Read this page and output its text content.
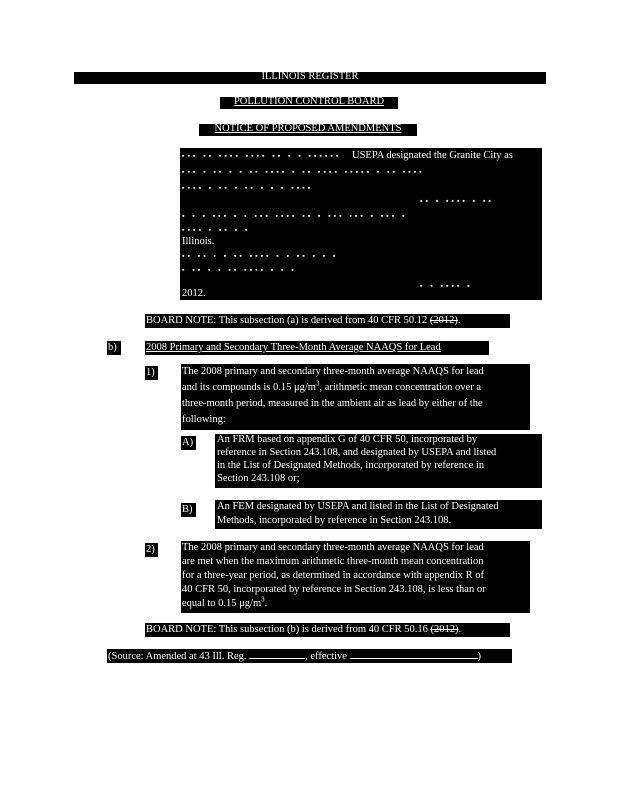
ILLINOIS REGISTER
POLLUTION CONTROL BOARD
NOTICE OF PROPOSED AMENDMENTS
▪▪▪ ▪▪ ▪▪▪▪ ▪▪▪▪ ▪▪ ▪ ▪ ▪▪▪▪▪▪ USEPA designated the Granite City as
▪▪▪ ▪ ▪▪ ▪ ▪ ▪▪ ▪▪▪▪ ▪ ▪▪ ▪▪▪▪ ▪▪▪▪▪ ▪ ▪▪ ▪▪▪▪
▪▪▪▪ ▪ ▪▪ ▪ ▪▪ ▪ ▪ ▪ ▪▪▪▪
▪▪ ▪ ▪▪▪▪ ▪ ▪▪
▪ ▪ ▪ ▪▪▪ ▪ ▪ ▪▪▪ ▪▪▪▪ ▪▪ ▪ ▪▪▪ ▪▪▪ ▪ ▪▪▪ ▪
▪▪▪▪ ▪ ▪▪ ▪ ▪
Illinois.
▪▪ ▪▪ ▪ ▪ ▪▪ ▪▪▪▪ ▪ ▪ ▪▪ ▪ ▪ ▪
▪ ▪▪ ▪ ▪ ▪▪ ▪▪▪▪ ▪ ▪ ▪
▪ ▪ ▪▪▪▪ ▪
2012.
BOARD NOTE: This subsection (a) is derived from 40 CFR 50.12 (2012).
b)	2008 Primary and Secondary Three-Month Average NAAQS for Lead
1)	The 2008 primary and secondary three-month average NAAQS for lead
and its compounds is 0.15 $\mu g/m^3$, arithmetic mean concentration over a
three-month period, measured in the ambient air as lead by either of the
following:
A) An FRM based on appendix G of 40 CFR 50, incorporated by
reference in Section 243.108, and designated by USEPA and listed
in the List of Designated Methods, incorporated by reference in
Section 243.108 or;
B) An FEM designated by USEPA and listed in the List of Designated
Methods, incorporated by reference in Section 243.108.
2)	The 2008 primary and secondary three-month average NAAQS for lead
are met when the maximum arithmetic three-month mean concentration
for a three-year period, as determined in accordance with appendix R of
40 CFR 50, incorporated by reference in Section 243.108, is less than or
equal to 0.15 $\mu g/m^3$.
BOARD NOTE: This subsection (b) is derived from 40 CFR 50.16 (2012).
(Source: Amended at 43 Ill. Reg.	, effective	)
